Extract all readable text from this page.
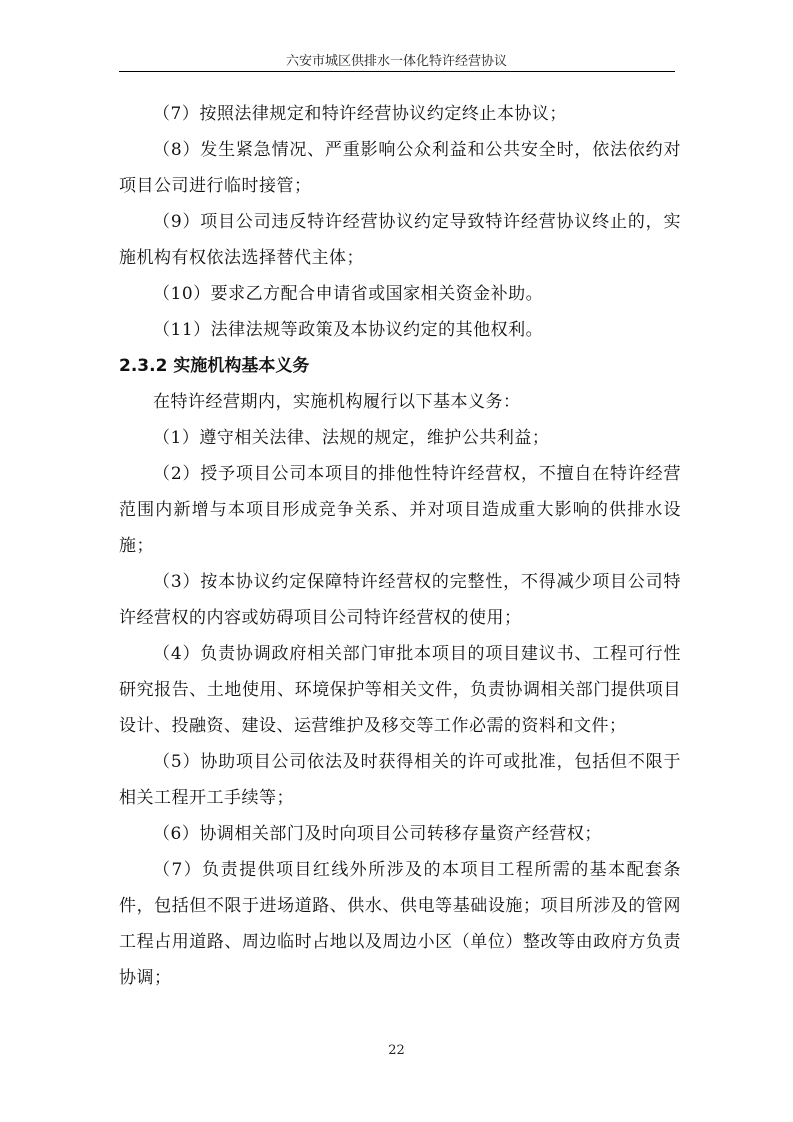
六安市城区供排水一体化特许经营协议

（7）按照法律规定和特许经营协议约定终止本协议；

（8）发生紧急情况、严重影响公众利益和公共安全时，依法依约对项目公司进行临时接管；

（9）项目公司违反特许经营协议约定导致特许经营协议终止的，实施机构有权依法选择替代主体；

（10）要求乙方配合申请省或国家相关资金补助。

（11）法律法规等政策及本协议约定的其他权利。

2.3.2 实施机构基本义务

在特许经营期内，实施机构履行以下基本义务：

（1）遵守相关法律、法规的规定，维护公共利益；

（2）授予项目公司本项目的排他性特许经营权，不擅自在特许经营范围内新增与本项目形成竞争关系、并对项目造成重大影响的供排水设施；

（3）按本协议约定保障特许经营权的完整性，不得减少项目公司特许经营权的内容或妨碍项目公司特许经营权的使用；

（4）负责协调政府相关部门审批本项目的项目建议书、工程可行性研究报告、土地使用、环境保护等相关文件，负责协调相关部门提供项目设计、投融资、建设、运营维护及移交等工作必需的资料和文件；

（5）协助项目公司依法及时获得相关的许可或批准，包括但不限于相关工程开工手续等；

（6）协调相关部门及时向项目公司转移存量资产经营权；

（7）负责提供项目红线外所涉及的本项目工程所需的基本配套条件，包括但不限于进场道路、供水、供电等基础设施；项目所涉及的管网工程占用道路、周边临时占地以及周边小区（单位）整改等由政府方负责协调；

22
